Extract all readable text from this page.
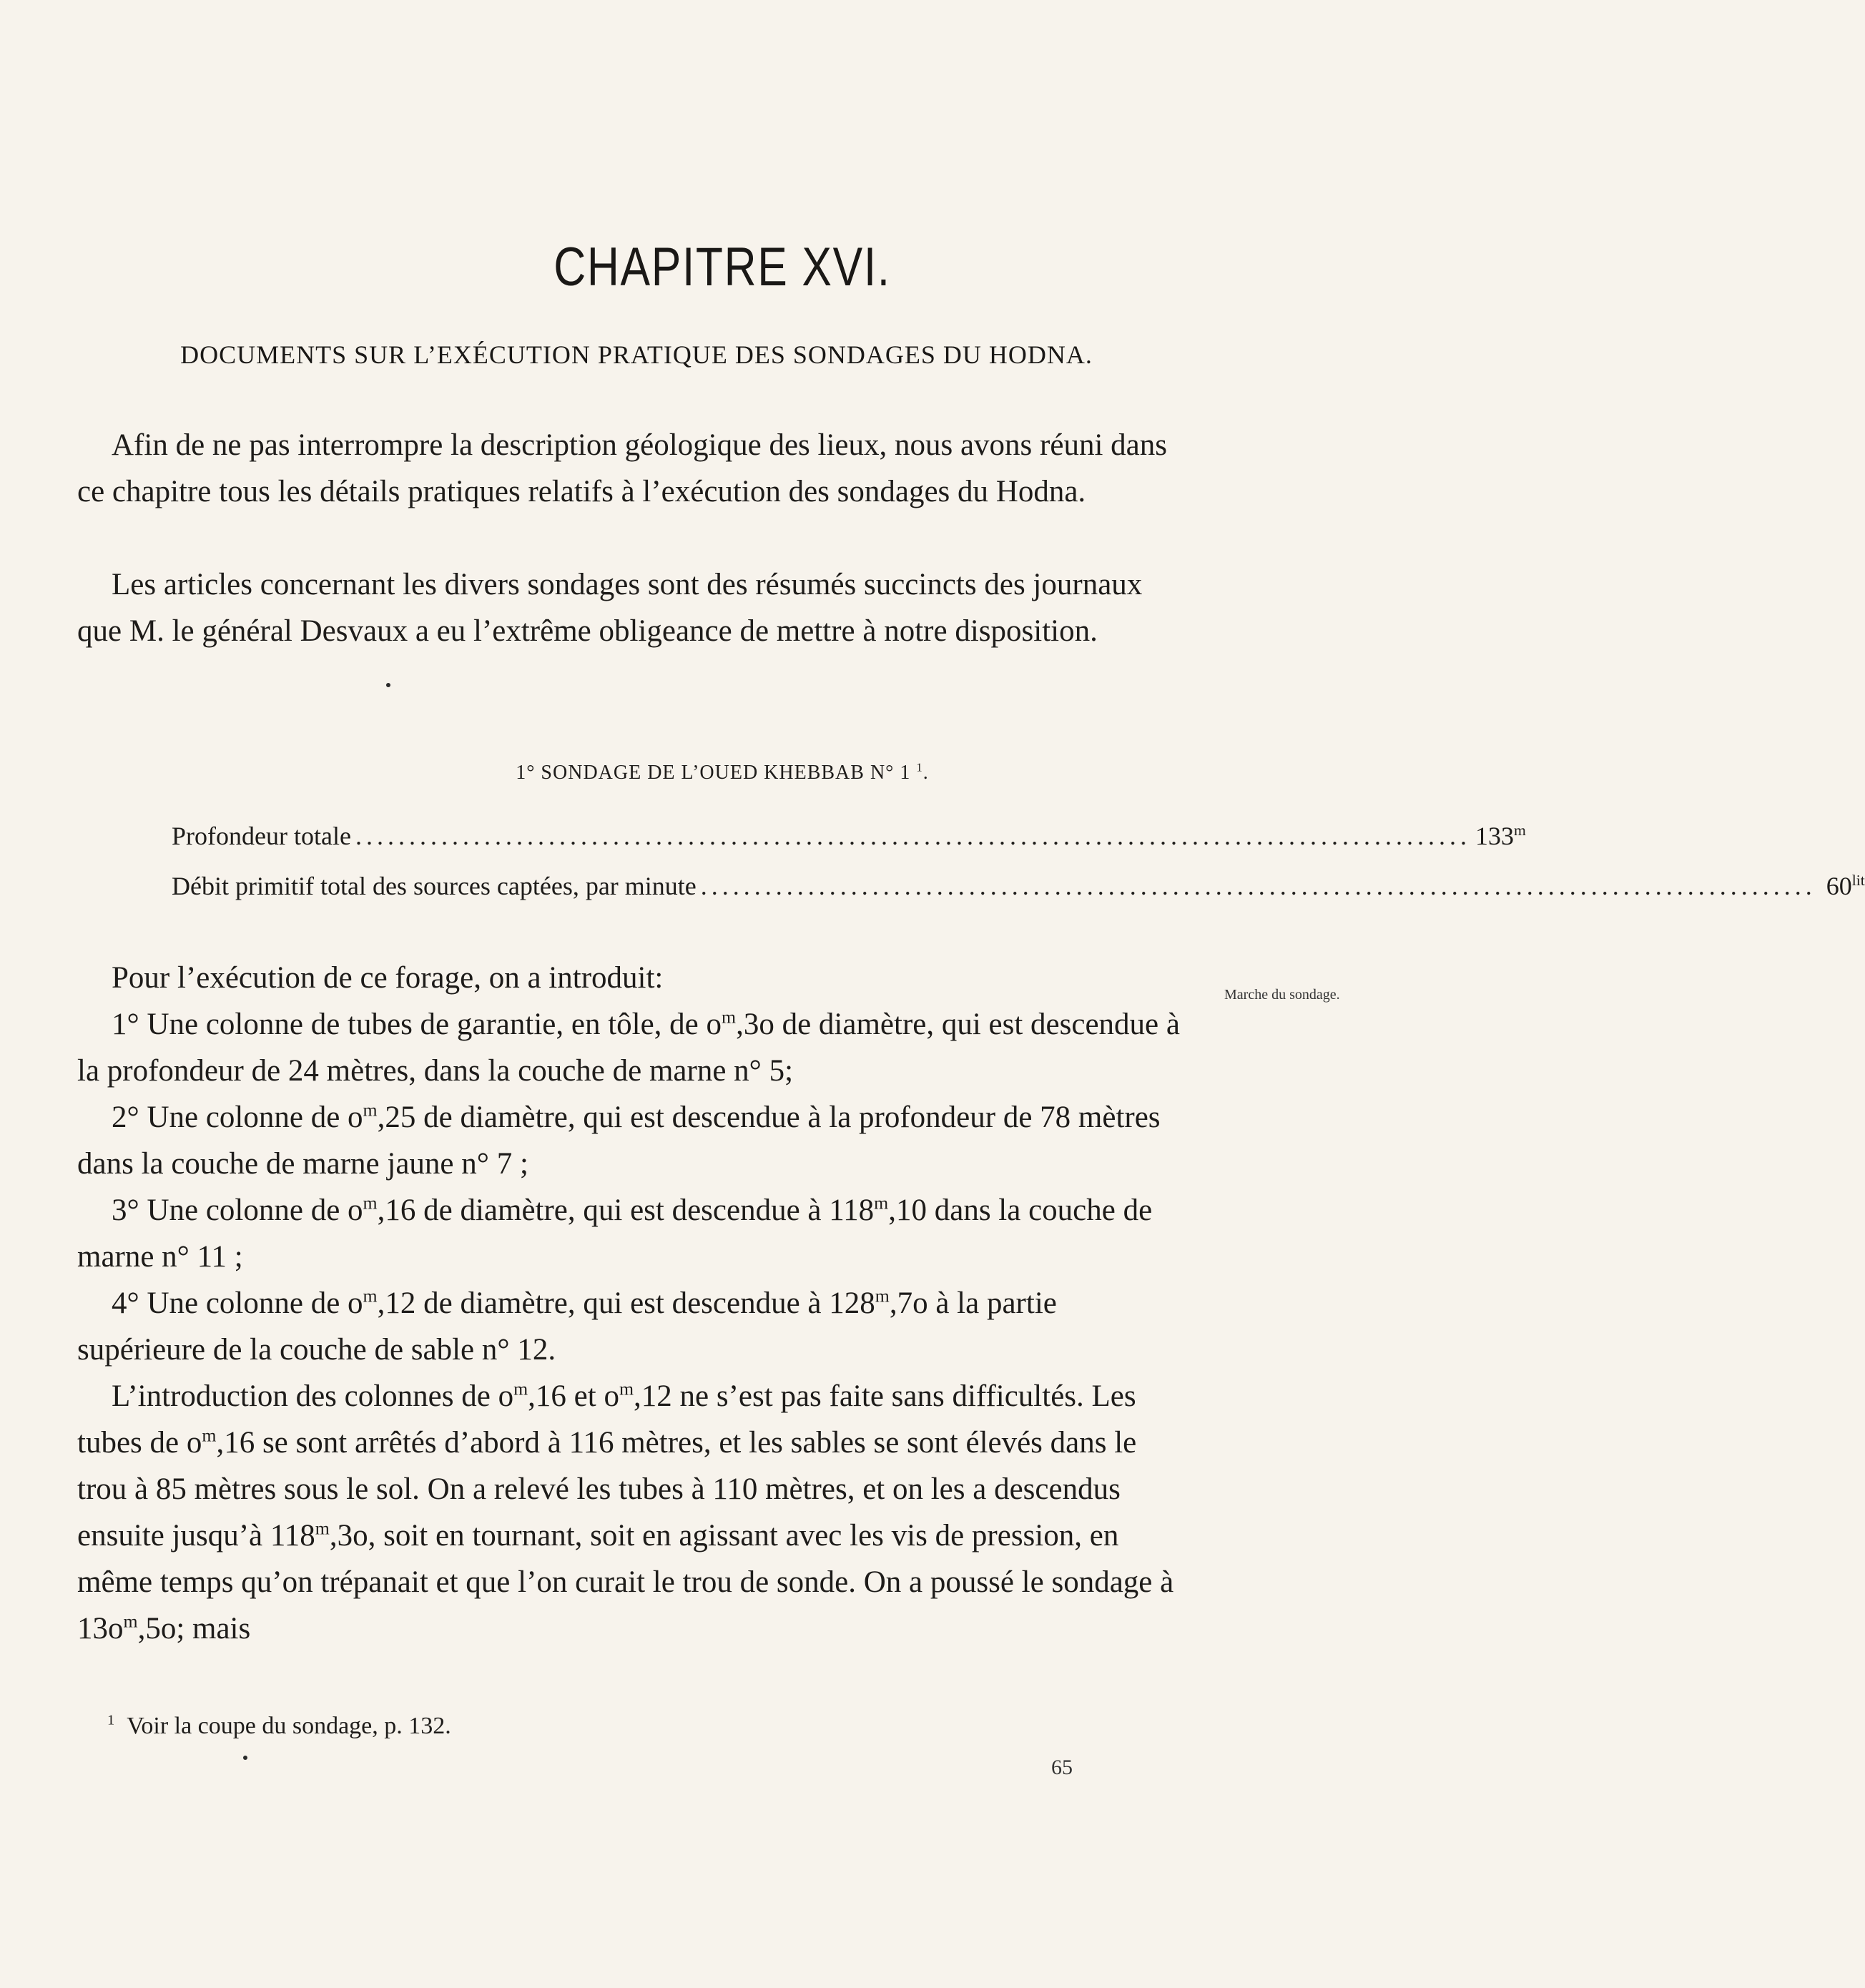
CHAPITRE XVI.
DOCUMENTS SUR L’EXÉCUTION PRATIQUE DES SONDAGES DU HODNA.

Afin de ne pas interrompre la description géologique des lieux, nous avons réuni dans ce chapitre tous les détails pratiques relatifs à l’exécution des sondages du Hodna.

Les articles concernant les divers sondages sont des résumés succincts des journaux que M. le général Desvaux a eu l’extrême obligeance de mettre à notre disposition.

1° SONDAGE DE L’OUED KHEBBAB N° 1 $^1$.
Profondeur totale ........................................................................................................ 133$^m$
Débit primitif total des sources captées, par minute ........................................................................................................ $60^{lit}$

Pour l’exécution de ce forage, on a introduit:	Marche du sondage.

1° Une colonne de tubes de garantie, en tôle, de $o^m,3o$ de diamètre, qui est descendue à la profondeur de 24 mètres, dans la couche de marne n° 5;

2° Une colonne de $o^m,25$ de diamètre, qui est descendue à la profondeur de 78 mètres dans la couche de marne jaune n° 7 ;

3° Une colonne de $o^m,16$ de diamètre, qui est descendue à 118$^m$,10 dans la couche de marne n° 11 ;

4° Une colonne de $o^m,12$ de diamètre, qui est descendue à 128$^m$,7o à la partie supérieure de la couche de sable n° 12.

L’introduction des colonnes de $o^m,16$ et $o^m,12$ ne s’est pas faite sans difficultés. Les tubes de $o^m,16$ se sont arrêtés d’abord à 116 mètres, et les sables se sont élevés dans le trou à 85 mètres sous le sol. On a relevé les tubes à 110 mètres, et on les a descendus ensuite jusqu’à 118$^m$,3o, soit en tournant, soit en agissant avec les vis de pression, en même temps qu’on trépanait et que l’on curait le trou de sonde. On a poussé le sondage à $13o^m,5o$; mais

$^1$ Voir la coupe du sondage, p. 132.
65
